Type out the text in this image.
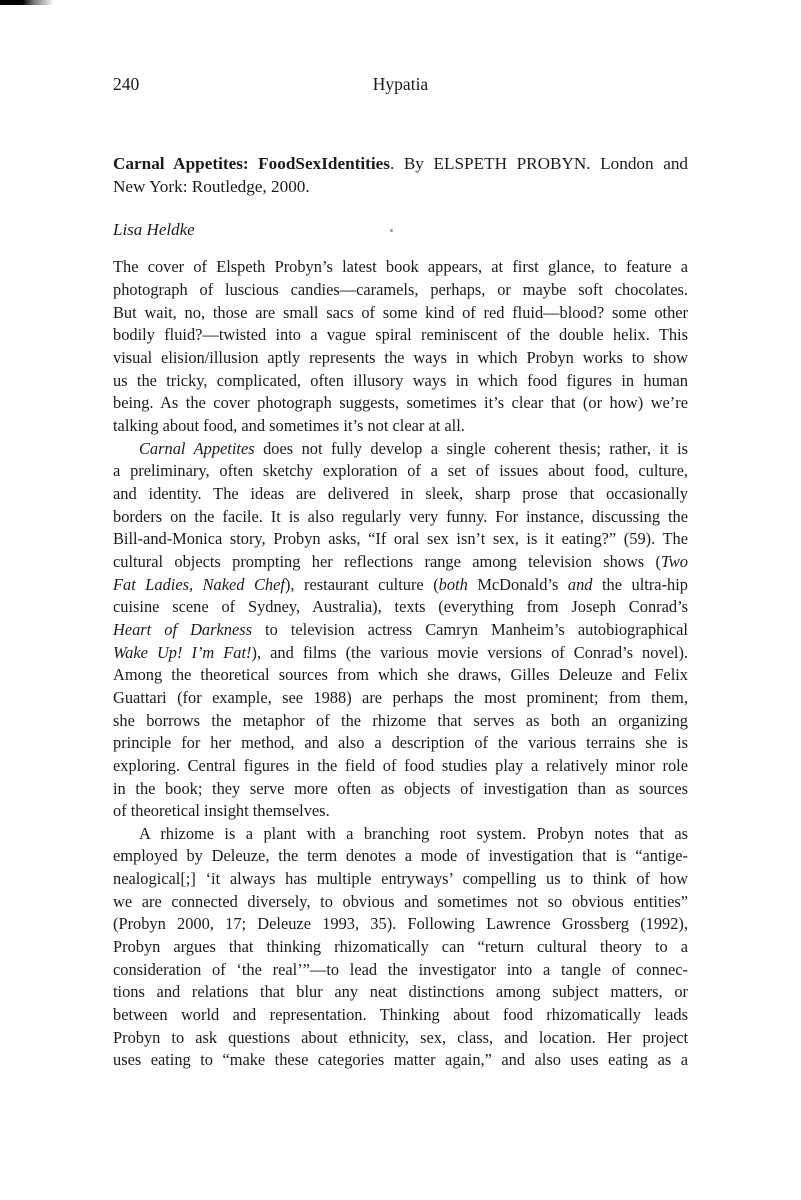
240	Hypatia
Carnal Appetites: FoodSexIdentities. By ELSPETH PROBYN. London and
New York: Routledge, 2000.
Lisa Heldke
The cover of Elspeth Probyn’s latest book appears, at first glance, to feature a
photograph of luscious candies—caramels, perhaps, or maybe soft chocolates.
But wait, no, those are small sacs of some kind of red fluid—blood? some other
bodily fluid?—twisted into a vague spiral reminiscent of the double helix. This
visual elision/illusion aptly represents the ways in which Probyn works to show
us the tricky, complicated, often illusory ways in which food figures in human
being. As the cover photograph suggests, sometimes it’s clear that (or how) we’re
talking about food, and sometimes it’s not clear at all.
Carnal Appetites does not fully develop a single coherent thesis; rather, it is
a preliminary, often sketchy exploration of a set of issues about food, culture,
and identity. The ideas are delivered in sleek, sharp prose that occasionally
borders on the facile. It is also regularly very funny. For instance, discussing the
Bill-and-Monica story, Probyn asks, “If oral sex isn’t sex, is it eating?” (59). The
cultural objects prompting her reflections range among television shows (Two
Fat Ladies, Naked Chef), restaurant culture (both McDonald’s and the ultra-hip
cuisine scene of Sydney, Australia), texts (everything from Joseph Conrad’s
Heart of Darkness to television actress Camryn Manheim’s autobiographical
Wake Up! I’m Fat!), and films (the various movie versions of Conrad’s novel).
Among the theoretical sources from which she draws, Gilles Deleuze and Felix
Guattari (for example, see 1988) are perhaps the most prominent; from them,
she borrows the metaphor of the rhizome that serves as both an organizing
principle for her method, and also a description of the various terrains she is
exploring. Central figures in the field of food studies play a relatively minor role
in the book; they serve more often as objects of investigation than as sources
of theoretical insight themselves.
A rhizome is a plant with a branching root system. Probyn notes that as
employed by Deleuze, the term denotes a mode of investigation that is “antige-
nealogical[;] ‘it always has multiple entryways’ compelling us to think of how
we are connected diversely, to obvious and sometimes not so obvious entities”
(Probyn 2000, 17; Deleuze 1993, 35). Following Lawrence Grossberg (1992),
Probyn argues that thinking rhizomatically can “return cultural theory to a
consideration of ‘the real’”—to lead the investigator into a tangle of connec-
tions and relations that blur any neat distinctions among subject matters, or
between world and representation. Thinking about food rhizomatically leads
Probyn to ask questions about ethnicity, sex, class, and location. Her project
uses eating to “make these categories matter again,” and also uses eating as a
